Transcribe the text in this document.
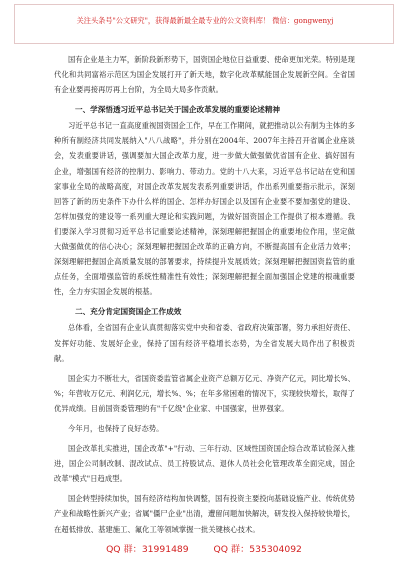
关注头条号"公文研究"，获得最新最全最专业的公文资料库！ 微信：gongwenyj

国有企业是主力军，新阶段新形势下，国资国企地位日益重要、使命更加光荣。特别是现代化和共同富裕示范区为国企发展打开了新天地，数字化改革赋能国企发展新空间。全省国有企业要再接再厉再上台阶，为全局大局多作贡献。

一、学深悟透习近平总书记关于国企改革发展的重要论述精神

习近平总书记一直高度重视国资国企工作，早在工作期间，就把推动以公有制为主体的多种所有制经济共同发展纳入"八八战略"，并分别在2004年、2007年主持召开省属企业座谈会，发表重要讲话，强调要加大国企改革力度，进一步做大做强做优省国有企业、搞好国有企业，增强国有经济的控制力、影响力、带动力。党的十八大来，习近平总书记站在党和国家事业全局的战略高度，对国企改革发展发表系列重要讲话，作出系列重要指示批示，深刻回答了新的历史条件下办什么样的国企、怎样办好国企以及国有企业要不要加强党的建设、怎样加强党的建设等一系列重大理论和实践问题，为做好国资国企工作提供了根本遵循。我们要深入学习贯彻习近平总书记重要论述精神，深刻理解把握国企的重要地位作用，坚定做大做强做优的信心决心；深刻理解把握国企改革的正确方向，不断提高国有企业活力效率；深刻理解把握国企高质量发展的部署要求，持续提升发展质效；深刻理解把握国资监管的重点任务，全面增强监管的系统性精准性有效性；深刻理解把握全面加强国企党建的根魂重要性，全力夯实国企发展的根基。

二、充分肯定国资国企工作成效

总体看，全省国有企业认真贯彻落实党中央和省委、省政府决策部署，努力承担好责任、发挥好功能、发展好企业，保持了国有经济平稳增长态势，为全省发展大局作出了积极贡献。

国企实力不断壮大，省国资委监管省属企业资产总额万亿元、净资产亿元，同比增长%、%；年营收万亿元、利润亿元，增长%、%；在年多常困难的情况下，实现较快增长，取得了优异成绩。目前国资委管理的有"千亿级"企业家、中国强家，世界强家。

今年月，也保持了良好态势。

国企改革扎实推进，国企改革"+"行动、三年行动、区域性国资国企综合改革试验深入推进，国企公司制改制、混改试点、员工持股试点、退休人员社会化管理改革全面完成，国企改革"模式"日趋成型。

国企转型持续加快，国有经济结构加快调整，国有投资主要投向基础设施产业、传统优势产业和战略性新兴产业；省属"僵尸企业"出清，遭留问题加快解决，研发投入保持较快增长，在超低排放、基建施工、氟化工等领域掌握一批关键核心技术。

QQ 群：31991489	QQ 群：535304092
